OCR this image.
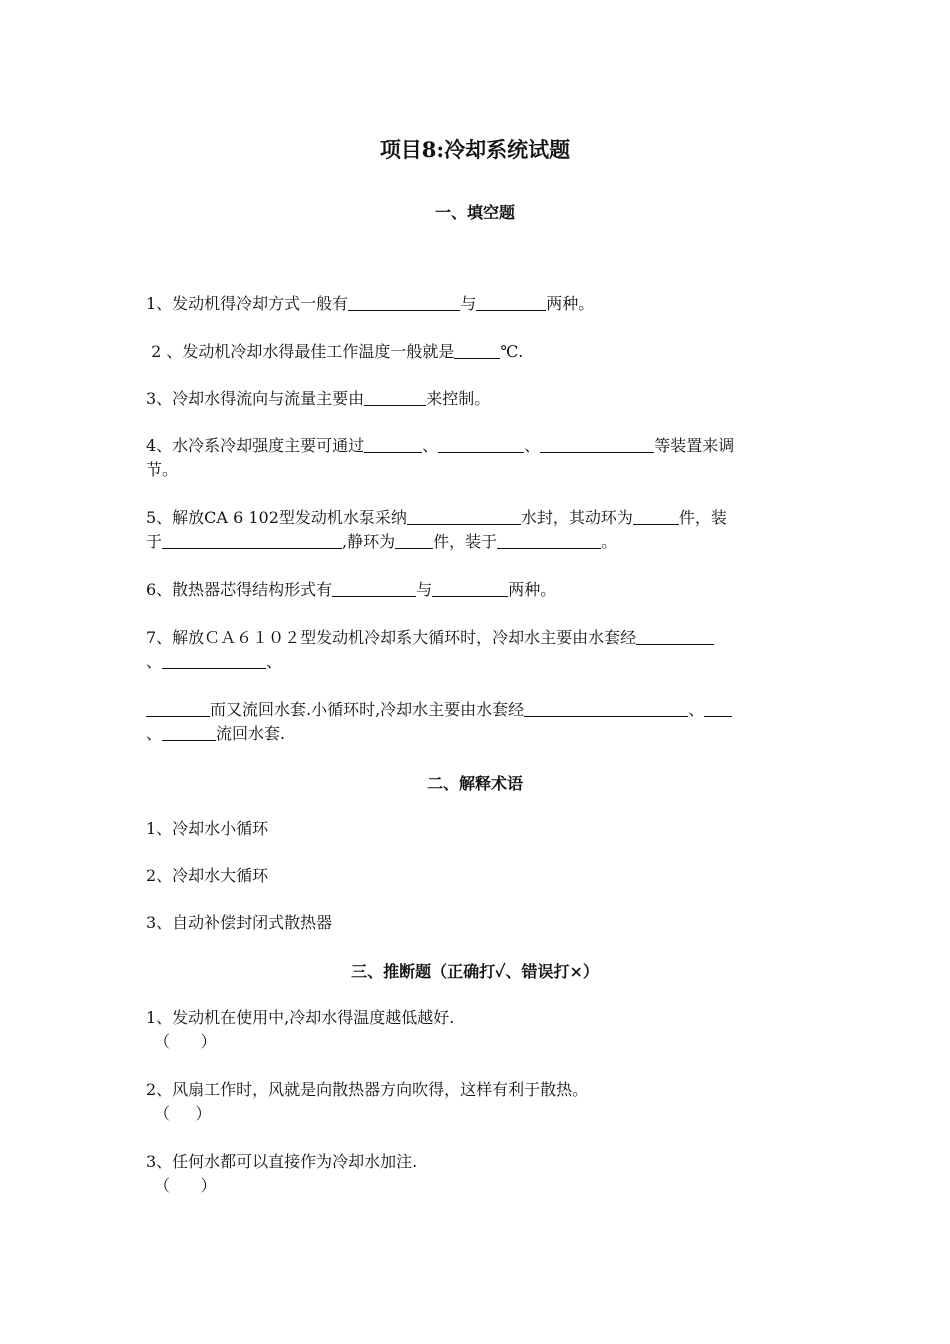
项目8:冷却系统试题
一、填空题
1、发动机得冷却方式一般有	与	两种。
2 、发动机冷却水得最佳工作温度一般就是	℃.
3、冷却水得流向与流量主要由	来控制。
4、水冷系冷却强度主要可通过	、	、	等装置来调
节。
5、解放CA 6 102型发动机水泵采纳	水封，其动环为	件，装
于	,静环为 件，装于	。
6、散热器芯得结构形式有	与	两种。
7、解放ＣＡ６１０２型发动机冷却系大循环时，冷却水主要由水套经
、	、
而又流回水套.小循环时,冷却水主要由水套经	、
、	流回水套.
二、解释术语
1、冷却水小循环
2、冷却水大循环
3、自动补偿封闭式散热器
三、推断题（正确打✓、错误打×）
1、发动机在使用中,冷却水得温度越低越好.
（      ）
2、风扇工作时，风就是向散热器方向吹得，这样有利于散热。
（     ）
3、任何水都可以直接作为冷却水加注.
（      ）
